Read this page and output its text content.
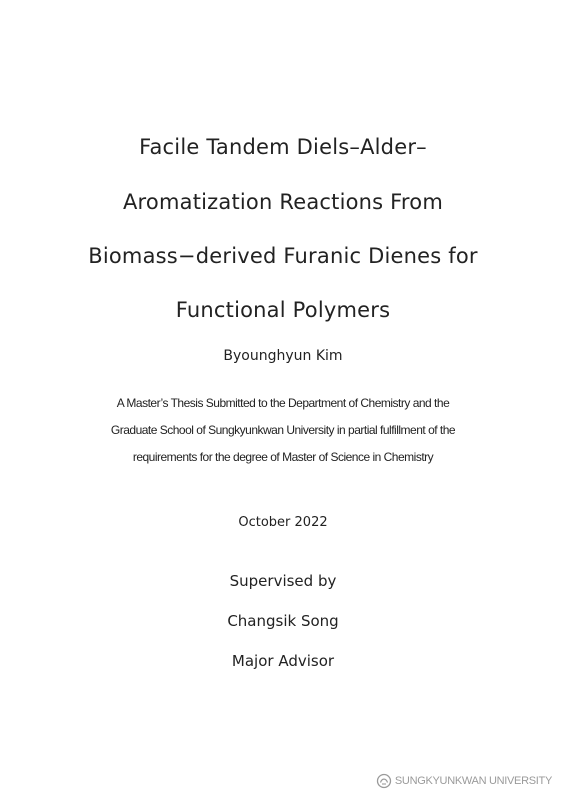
Facile Tandem Diels–Alder–
Aromatization Reactions From
Biomass−derived Furanic Dienes for
Functional Polymers
Byounghyun Kim
A Master’s Thesis Submitted to the Department of Chemistry and the
Graduate School of Sungkyunkwan University in partial fulfillment of the
requirements for the degree of Master of Science in Chemistry
October 2022
Supervised by
Changsik Song
Major Advisor
SUNGKYUNKWAN UNIVERSITY
